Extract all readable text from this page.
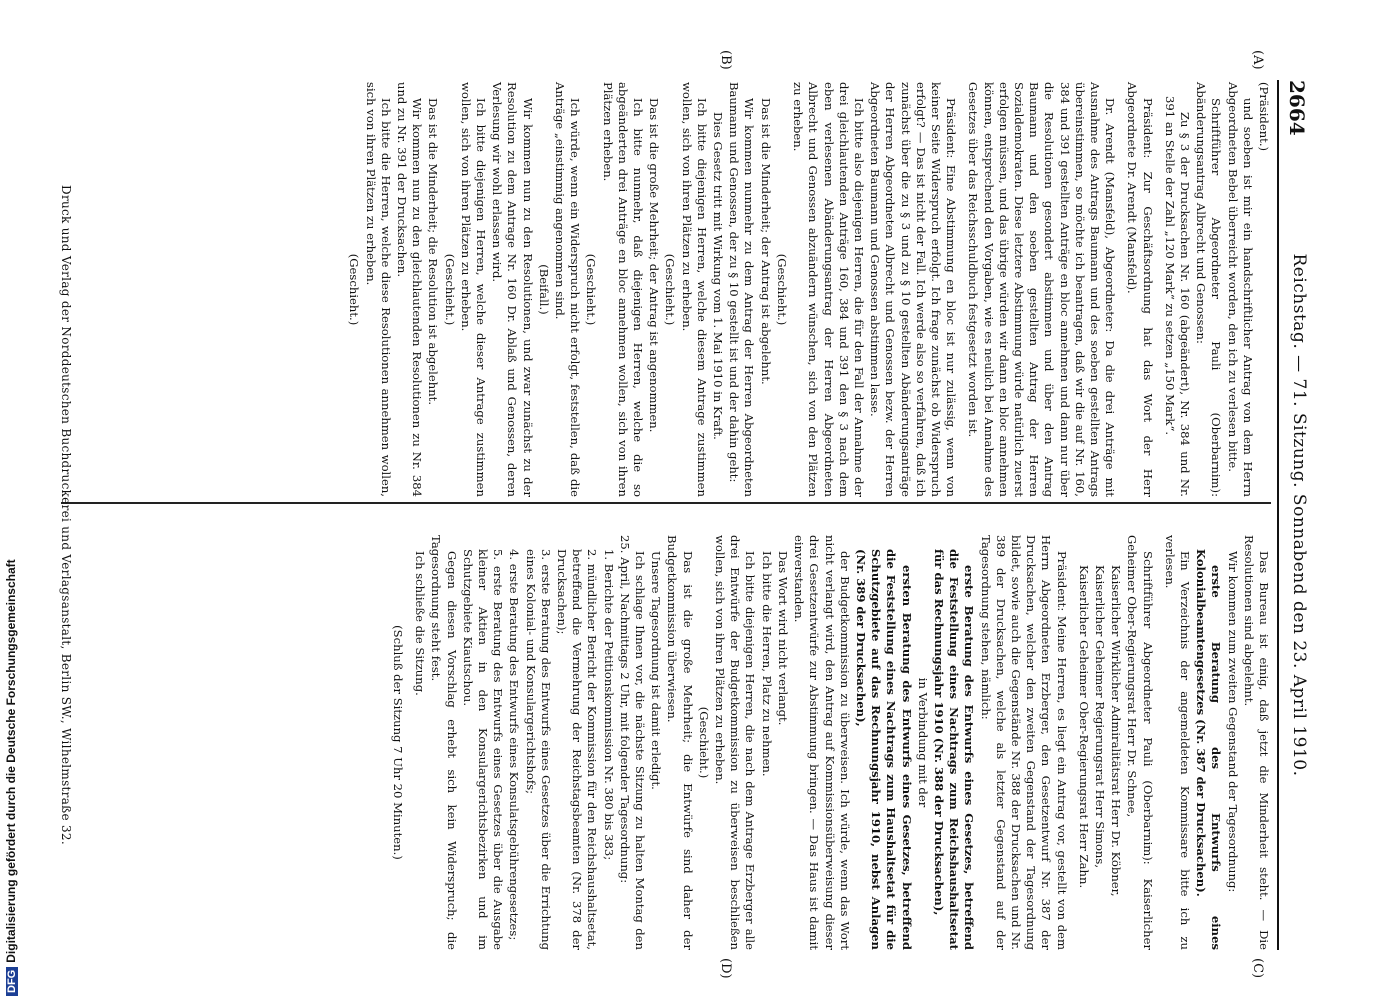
2664
Reichstag. — 71. Sitzung. Sonnabend den 23. April 1910.
(A)
(B)
(C)
(D)

(Präsident.)

und soeben ist mir ein handschriftlicher Antrag von dem Herrn Abgeordneten Bebel überreicht worden, den ich zu verlesen bitte.

Schriftführer Abgeordneter Pauli (Oberbarnim): Abänderungsantrag Albrecht und Genossen:

Zu § 3 der Drucksachen Nr. 160 (abgeändert), Nr. 384 und Nr. 391 an Stelle der Zahl „120 Mark“ zu setzen „150 Mark“.

Präsident: Zur Geschäftsordnung hat das Wort der Herr Abgeordnete Dr. Arendt (Mansfeld).

Dr. Arendt (Mansfeld), Abgeordneter: Da die drei Anträge mit Ausnahme des Antrags Baumann und des soeben gestellten Antrags übereinstimmen, so möchte ich beantragen, daß wir die auf Nr. 160, 384 und 391 gestellten Anträge en bloc annehmen und dann nur über die Resolutionen gesondert abstimmen und über den Antrag Baumann und den soeben gestellten Antrag der Herren Sozialdemokraten. Diese letztere Abstimmung würde natürlich zuerst erfolgen müssen, und das übrige würden wir dann en bloc annehmen können, entsprechend den Vorgaben, wie es neulich bei Annahme des Gesetzes über das Reichsschuldbuch festgesetzt worden ist.

Präsident: Eine Abstimmung en bloc ist nur zulässig, wenn von keiner Seite Widerspruch erfolgt. Ich frage zunächst ob Widerspruch erfolgt? — Das ist nicht der Fall. Ich werde also so verfahren, daß ich zunächst über die zu § 3 und zu § 10 gestellten Abänderungsanträge der Herren Abgeordneten Albrecht und Genossen bezw. der Herren Abgeordneten Baumann und Genossen abstimmen lasse.

Ich bitte also diejenigen Herren, die für den Fall der Annahme der drei gleichlautenden Anträge 160, 384 und 391 den § 3 nach dem eben verlesenen Abänderungsantrag der Herren Abgeordneten Albrecht und Genossen abzuändern wünschen, sich von den Plätzen zu erheben.

(Geschieht.)

Das ist die Minderheit; der Antrag ist abgelehnt.

Wir kommen nunmehr zu dem Antrag der Herren Abgeordneten Baumann und Genossen, der zu § 10 gestellt ist und der dahin geht:

Dies Gesetz tritt mit Wirkung vom 1. Mai 1910 in Kraft.

Ich bitte diejenigen Herren, welche diesem Antrage zustimmen wollen, sich von ihren Plätzen zu erheben.

(Geschieht.)

Das ist die große Mehrheit; der Antrag ist angenommen.

Ich bitte nunmehr, daß diejenigen Herren, welche die so abgeänderten drei Anträge en bloc annehmen wollen, sich von ihren Plätzen erheben.

(Geschieht.)

Ich würde, wenn ein Widerspruch nicht erfolgt, feststellen, daß die Anträge „einstimmig angenommen sind.

(Beifall.)

Wir kommen nun zu den Resolutionen, und zwar zunächst zu der Resolution zu dem Antrage Nr. 160 Dr. Ablaß und Genossen, deren Verlesung wir wohl erlassen wird.

Ich bitte diejenigen Herren, welche dieser Antrage zustimmen wollen, sich von ihren Plätzen zu erheben.

(Geschieht.)

Das ist die Minderheit; die Resolution ist abgelehnt.

Wir kommen nun zu den gleichlautenden Resolutionen zu Nr. 384 und zu Nr. 391 der Drucksachen.

Ich bitte die Herren, welche diese Resolutionen annehmen wollen, sich von ihren Plätzen zu erheben.

(Geschieht.)

Das Bureau ist einig, daß jetzt die Minderheit steht. — Die Resolutionen sind abgelehnt.

Wir kommen zum zweiten Gegenstand der Tagesordnung:

erste Beratung des Entwurfs eines Kolonialbeamtengesetzes (Nr. 387 der Drucksachen).

Ein Verzeichnis der angemeldeten Kommissare bitte ich zu verlesen.

Schriftführer Abgeordneter Pauli (Oberbarnim): Kaiserlicher Geheimer Ober-Regierungsrat Herr Dr. Schnee,

Kaiserlicher Wirklicher Admiralitätsrat Herr Dr. Köbner,

Kaiserlicher Geheimer Regierungsrat Herr Simons,

Kaiserlicher Geheimer Ober-Regierungsrat Herr Zahn.

Präsident: Meine Herren, es liegt ein Antrag vor, gestellt von dem Herrn Abgeordneten Erzberger, den Gesetzentwurf Nr. 387 der Drucksachen, welcher den zweiten Gegenstand der Tagesordnung bildet, sowie auch die Gegenstände Nr. 388 der Drucksachen und Nr. 389 der Drucksachen, welche als letzter Gegenstand auf der Tagesordnung stehen, nämlich:

erste Beratung des Entwurfs eines Gesetzes, betreffend die Feststellung eines Nachtrags zum Reichshaushaltsetat für das Rechnungsjahr 1910 (Nr. 388 der Drucksachen),

in Verbindung mit der

ersten Beratung des Entwurfs eines Gesetzes, betreffend die Feststellung eines Nachtrags zum Haushaltsetat für die Schutzgebiete auf das Rechnungsjahr 1910, nebst Anlagen (Nr. 389 der Drucksachen),

der Budgetkommission zu überweisen. Ich würde, wenn das Wort nicht verlangt wird, den Antrag auf Kommissionsüberweisung dieser drei Gesetzentwürfe zur Abstimmung bringen. — Das Haus ist damit einverstanden.

Das Wort wird nicht verlangt.

Ich bitte die Herren, Platz zu nehmen.

Ich bitte diejenigen Herren, die nach dem Antrage Erzberger alle drei Entwürfe der Budgetkommission zu überweisen beschließen wollen, sich von ihren Plätzen zu erheben.

(Geschieht.)

Das ist die große Mehrheit; die Entwürfe sind daher der Budgetkommission überwiesen.

Unsere Tagesordnung ist damit erledigt.

Ich schlage Ihnen vor, die nächste Sitzung zu halten Montag den 25. April, Nachmittags 2 Uhr, mit folgender Tagesordnung:

1. Berichte der Petitionskommission Nr. 380 bis 383;

2. mündlicher Bericht der Kommission für den Reichshaushaltsetat, betreffend die Vermehrung der Reichstagsbeamten (Nr. 378 der Drucksachen);

3. erste Beratung des Entwurfs eines Gesetzes über die Errichtung eines Kolonial- und Konsulargerichtshofs;

4. erste Beratung des Entwurfs eines Konsulatsgebührengesetzes;

5. erste Beratung des Entwurfs eines Gesetzes über die Ausgabe kleiner Aktien in den Konsulargerichtsbezirken und im Schutzgebiete Kiautschou.

Gegen diesen Vorschlag erhebt sich kein Widerspruch; die Tagesordnung steht fest.

Ich schließe die Sitzung.

(Schluß der Sitzung 7 Uhr 20 Minuten.)

Druck und Verlag der Norddeutschen Buchdruckerei und Verlagsanstalt, Berlin SW., Wilhelmstraße 32.
DFGDigitalisierung gefördert durch die Deutsche Forschungsgemeinschaft
